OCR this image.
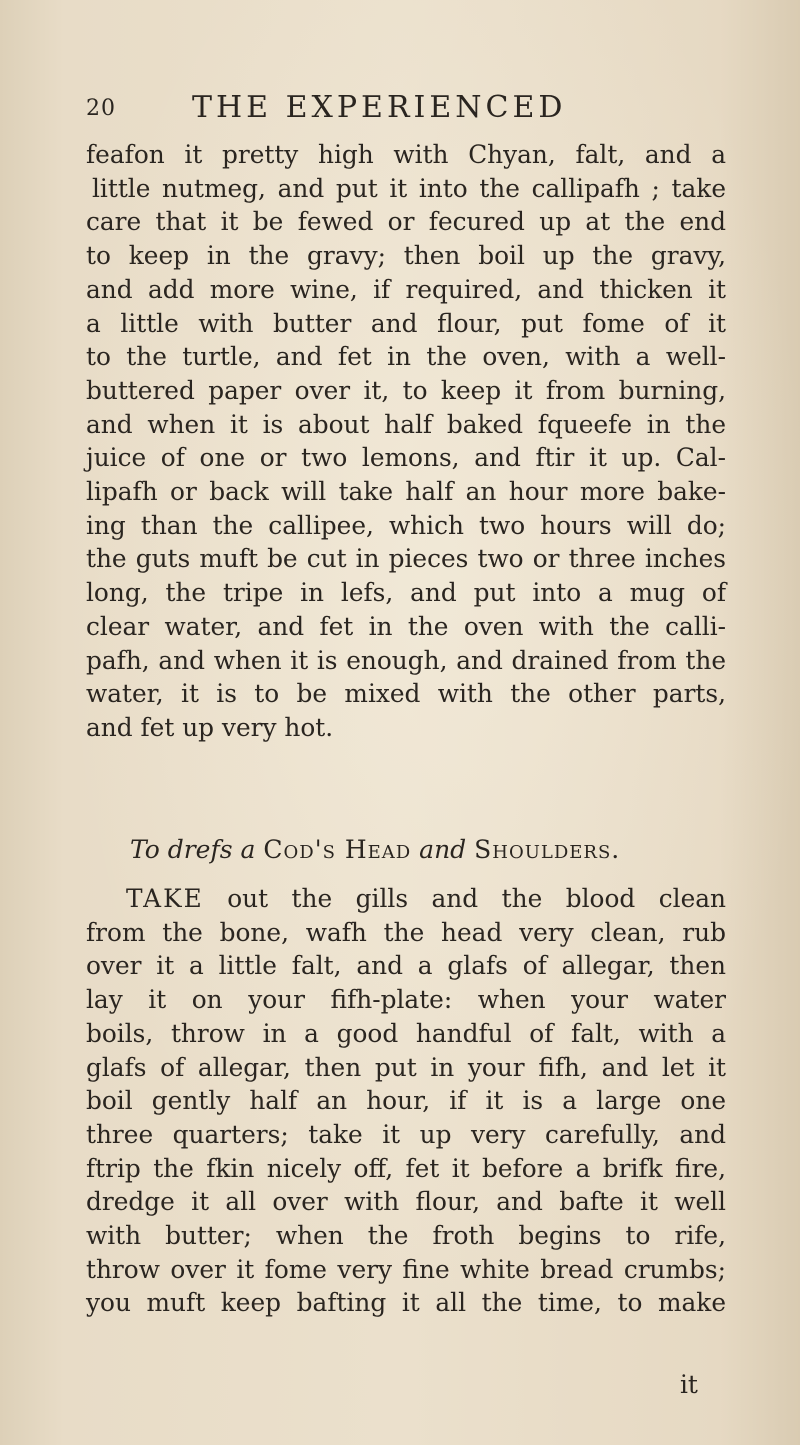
20	THE EXPERIENCED
feafon it pretty high with Chyan, falt, and a
little nutmeg, and put it into the callipafh ; take
care that it be fewed or fecured up at the end
to keep in the gravy; then boil up the gravy,
and add more wine, if required, and thicken it
a little with butter and flour, put fome of it
to the turtle, and fet in the oven, with a well-
buttered paper over it, to keep it from burning,
and when it is about half baked fqueefe in the
juice of one or two lemons, and ftir it up. Cal-
lipafh or back will take half an hour more bake-
ing than the callipee, which two hours will do;
the guts muft be cut in pieces two or three inches
long, the tripe in lefs, and put into a mug of
clear water, and fet in the oven with the calli-
pafh, and when it is enough, and drained from the
water, it is to be mixed with the other parts,
and fet up very hot.
To drefs a Cod's Head and Shoulders.
TAKE out the gills and the blood clean
from the bone, wafh the head very clean, rub
over it a little falt, and a glafs of allegar, then
lay it on your fifh-plate: when your water
boils, throw in a good handful of falt, with a
glafs of allegar, then put in your fifh, and let it
boil gently half an hour, if it is a large one
three quarters; take it up very carefully, and
ftrip the fkin nicely off, fet it before a brifk fire,
dredge it all over with flour, and bafte it well
with butter; when the froth begins to rife,
throw over it fome very fine white bread crumbs;
you muft keep bafting it all the time, to make
it
